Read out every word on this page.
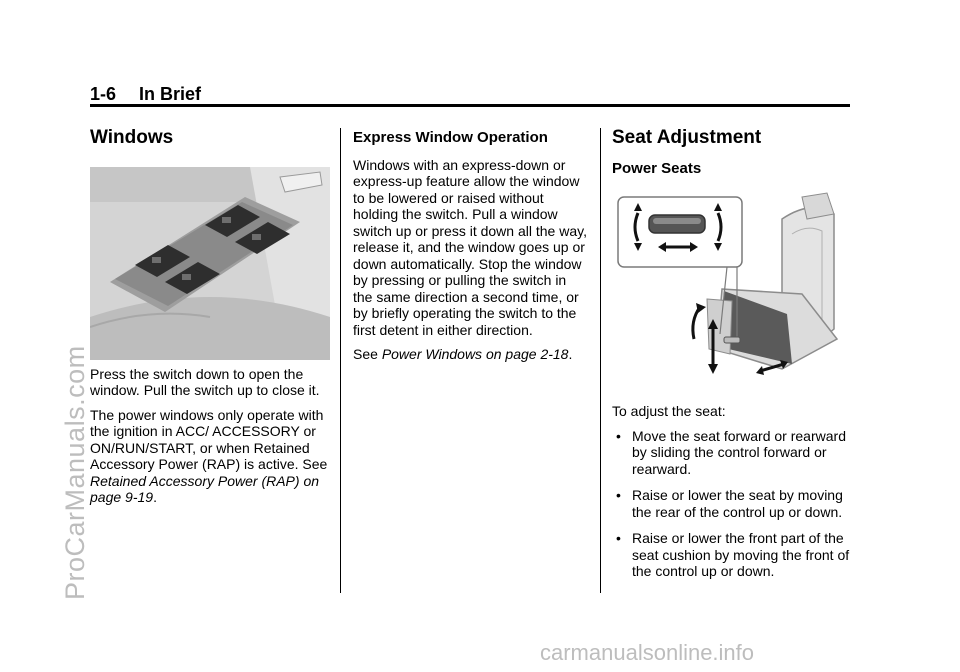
1-6 In Brief
Windows

Press the switch down to open the window. Pull the switch up to close it.

The power windows only operate with the ignition in ACC/ ACCESSORY or ON/RUN/START, or when Retained Accessory Power (RAP) is active. See Retained Accessory Power (RAP) on page 9-19.

Express Window Operation

Windows with an express-down or express-up feature allow the window to be lowered or raised without holding the switch. Pull a window switch up or press it down all the way, release it, and the window goes up or down automatically. Stop the window by pressing or pulling the switch in the same direction a second time, or by briefly operating the switch to the first detent in either direction.

See Power Windows on page 2-18.

Seat Adjustment
Power Seats

To adjust the seat:

• Move the seat forward or rearward by sliding the control forward or rearward.
• Raise or lower the seat by moving the rear of the control up or down.
• Raise or lower the front part of the seat cushion by moving the front of the control up or down.
ProCarManuals.com
carmanualsonline.info
